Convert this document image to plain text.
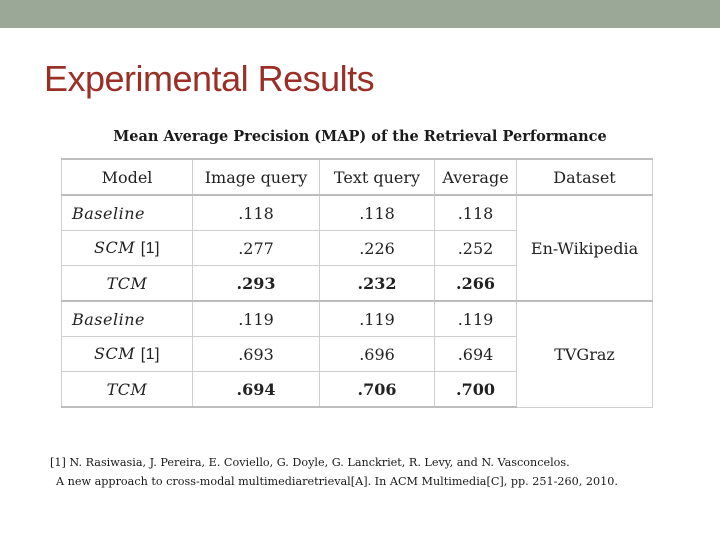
Experimental Results
Mean Average Precision (MAP) of the Retrieval Performance
Model	Image query	Text query	Average	Dataset
Baseline	.118	.118	.118	En-Wikipedia
SCM [1]	.277	.226	.252	
TCM	.293	.232	.266	
Baseline	.119	.119	.119	TVGraz
SCM [1]	.693	.696	.694	
TCM	.694	.706	.700	
[1] N. Rasiwasia, J. Pereira, E. Coviello, G. Doyle, G. Lanckriet, R. Levy, and N. Vasconcelos.
A new approach to cross-modal multimediaretrieval[A]. In ACM Multimedia[C], pp. 251-260, 2010.
